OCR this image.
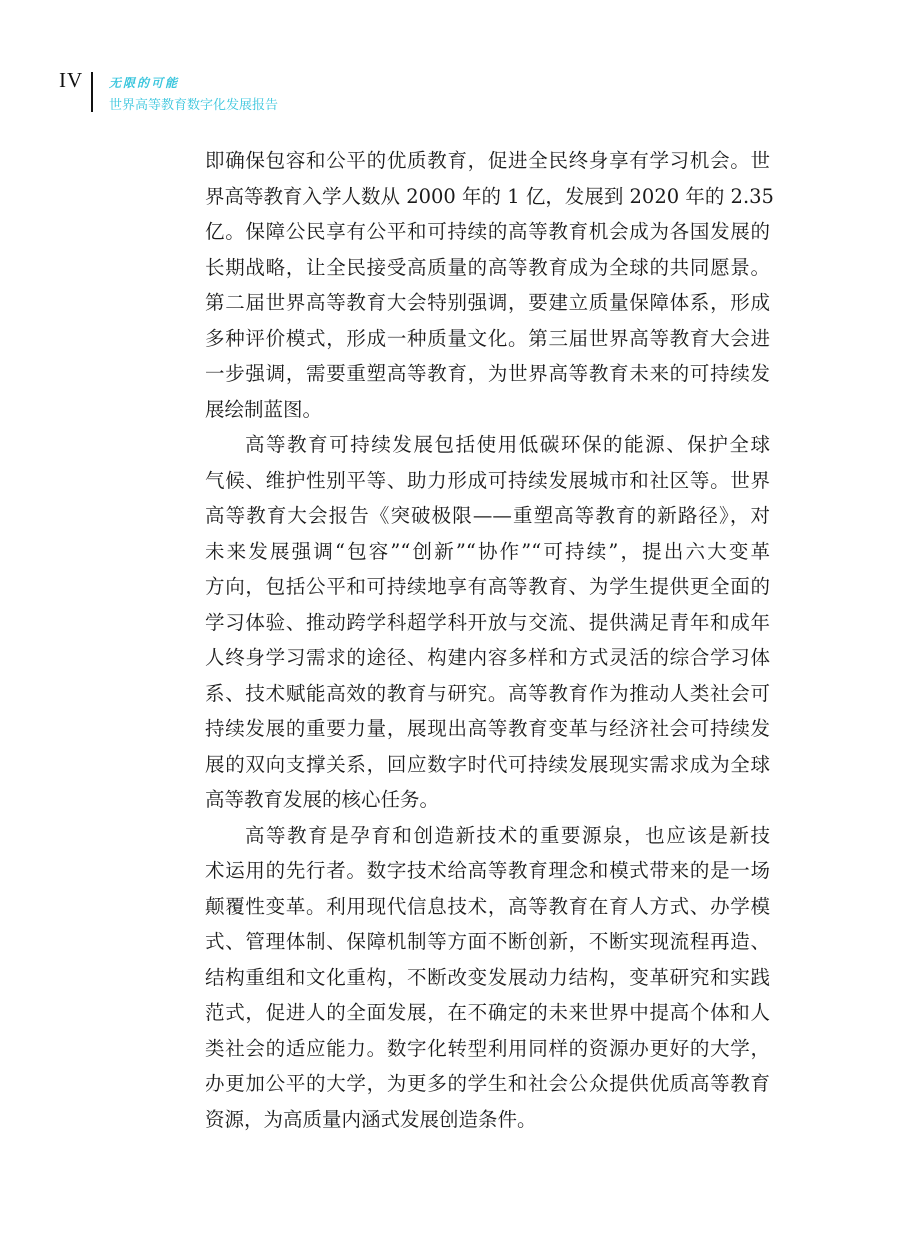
IV 无限的可能
世界高等教育数字化发展报告
即确保包容和公平的优质教育，促进全民终身享有学习机会。世
界高等教育入学人数从 2000 年的 1 亿，发展到 2020 年的 2.35
亿。保障公民享有公平和可持续的高等教育机会成为各国发展的
长期战略，让全民接受高质量的高等教育成为全球的共同愿景。
第二届世界高等教育大会特别强调，要建立质量保障体系，形成
多种评价模式，形成一种质量文化。第三届世界高等教育大会进
一步强调，需要重塑高等教育，为世界高等教育未来的可持续发
展绘制蓝图。
高等教育可持续发展包括使用低碳环保的能源、保护全球
气候、维护性别平等、助力形成可持续发展城市和社区等。世界
高等教育大会报告《突破极限——重塑高等教育的新路径》，对
未来发展强调“包容”“创新”“协作”“可持续”，提出六大变革
方向，包括公平和可持续地享有高等教育、为学生提供更全面的
学习体验、推动跨学科超学科开放与交流、提供满足青年和成年
人终身学习需求的途径、构建内容多样和方式灵活的综合学习体
系、技术赋能高效的教育与研究。高等教育作为推动人类社会可
持续发展的重要力量，展现出高等教育变革与经济社会可持续发
展的双向支撑关系，回应数字时代可持续发展现实需求成为全球
高等教育发展的核心任务。
高等教育是孕育和创造新技术的重要源泉，也应该是新技
术运用的先行者。数字技术给高等教育理念和模式带来的是一场
颠覆性变革。利用现代信息技术，高等教育在育人方式、办学模
式、管理体制、保障机制等方面不断创新，不断实现流程再造、
结构重组和文化重构，不断改变发展动力结构，变革研究和实践
范式，促进人的全面发展，在不确定的未来世界中提高个体和人
类社会的适应能力。数字化转型利用同样的资源办更好的大学，
办更加公平的大学，为更多的学生和社会公众提供优质高等教育
资源，为高质量内涵式发展创造条件。
